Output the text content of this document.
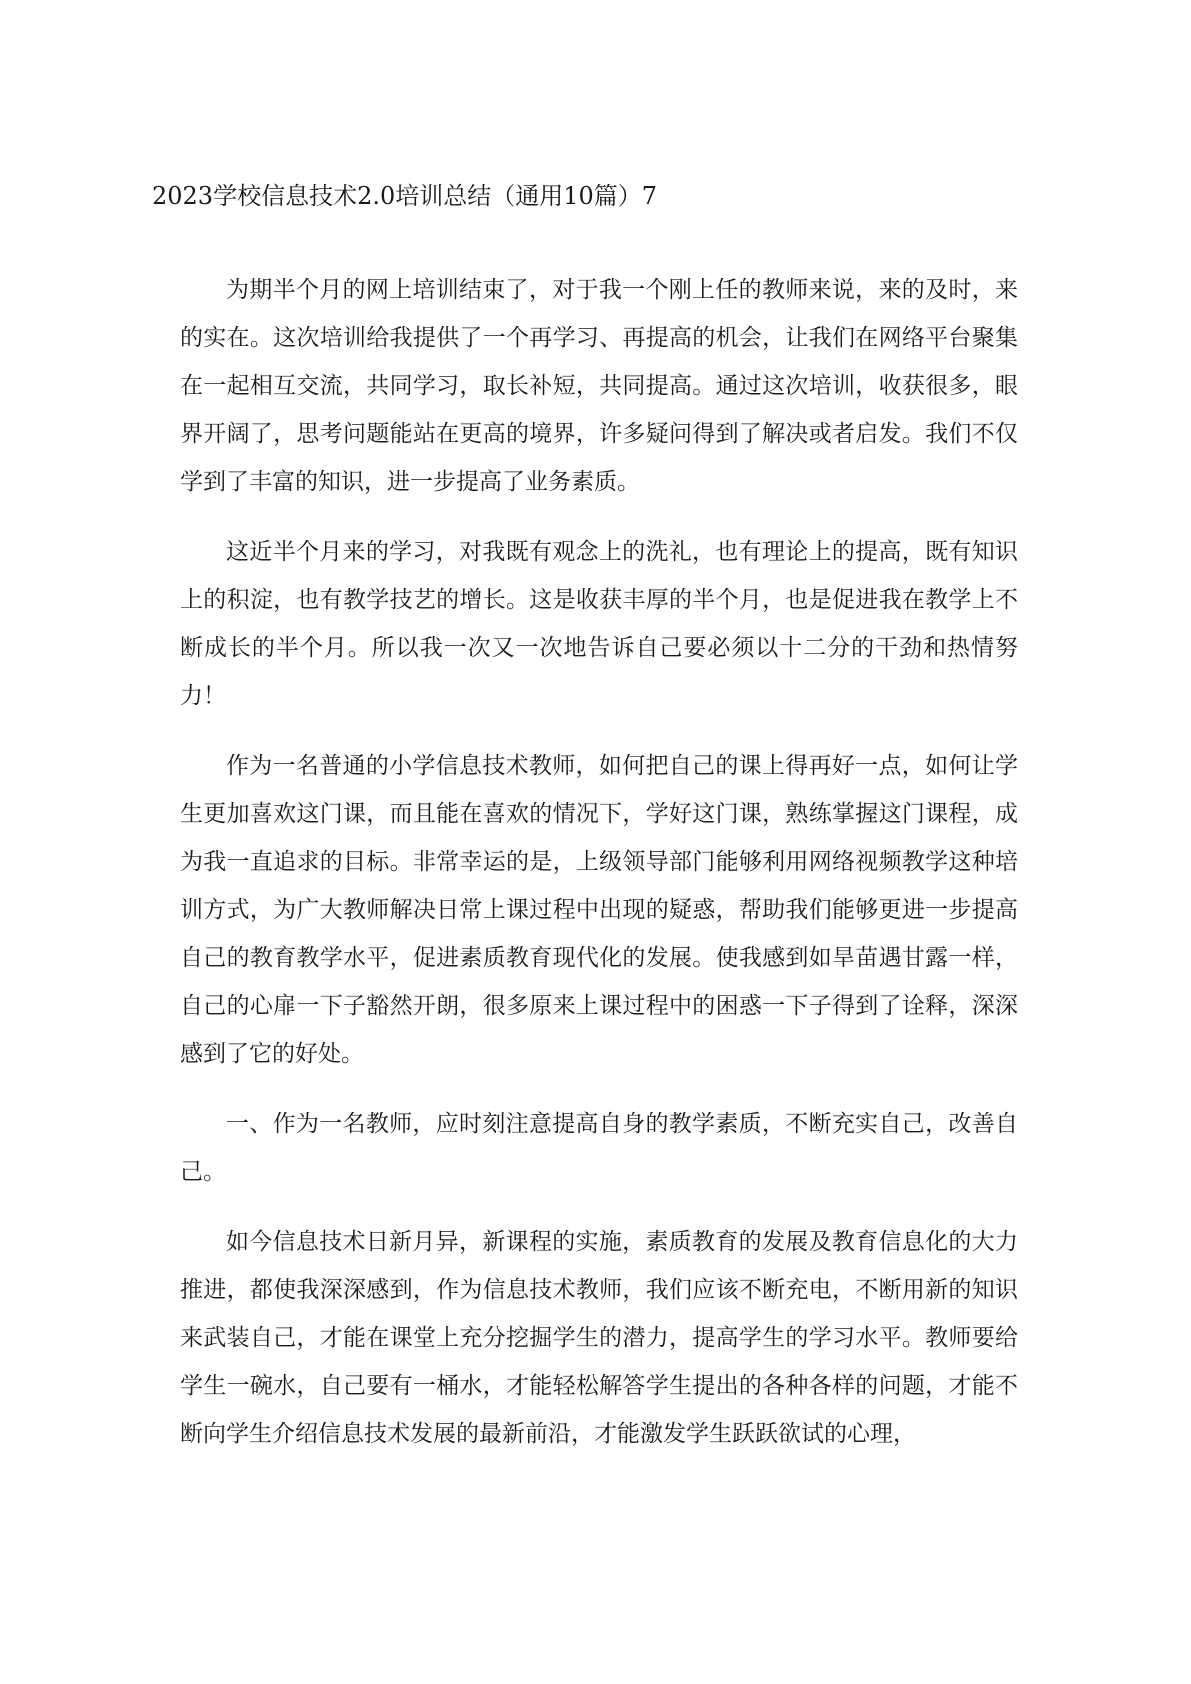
2023学校信息技术2.0培训总结（通用10篇）7

为期半个月的网上培训结束了，对于我一个刚上任的教师来说，来的及时，来的实在。这次培训给我提供了一个再学习、再提高的机会，让我们在网络平台聚集在一起相互交流，共同学习，取长补短，共同提高。通过这次培训，收获很多，眼界开阔了，思考问题能站在更高的境界，许多疑问得到了解决或者启发。我们不仅学到了丰富的知识，进一步提高了业务素质。

这近半个月来的学习，对我既有观念上的洗礼，也有理论上的提高，既有知识上的积淀，也有教学技艺的增长。这是收获丰厚的半个月，也是促进我在教学上不断成长的半个月。所以我一次又一次地告诉自己要必须以十二分的干劲和热情努力！

作为一名普通的小学信息技术教师，如何把自己的课上得再好一点，如何让学生更加喜欢这门课，而且能在喜欢的情况下，学好这门课，熟练掌握这门课程，成为我一直追求的目标。非常幸运的是，上级领导部门能够利用网络视频教学这种培训方式，为广大教师解决日常上课过程中出现的疑惑，帮助我们能够更进一步提高自己的教育教学水平，促进素质教育现代化的发展。使我感到如旱苗遇甘露一样，自己的心扉一下子豁然开朗，很多原来上课过程中的困惑一下子得到了诠释，深深感到了它的好处。

一、作为一名教师，应时刻注意提高自身的教学素质，不断充实自己，改善自己。

如今信息技术日新月异，新课程的实施，素质教育的发展及教育信息化的大力推进，都使我深深感到，作为信息技术教师，我们应该不断充电，不断用新的知识来武装自己，才能在课堂上充分挖掘学生的潜力，提高学生的学习水平。教师要给学生一碗水，自己要有一桶水，才能轻松解答学生提出的各种各样的问题，才能不断向学生介绍信息技术发展的最新前沿，才能激发学生跃跃欲试的心理，
